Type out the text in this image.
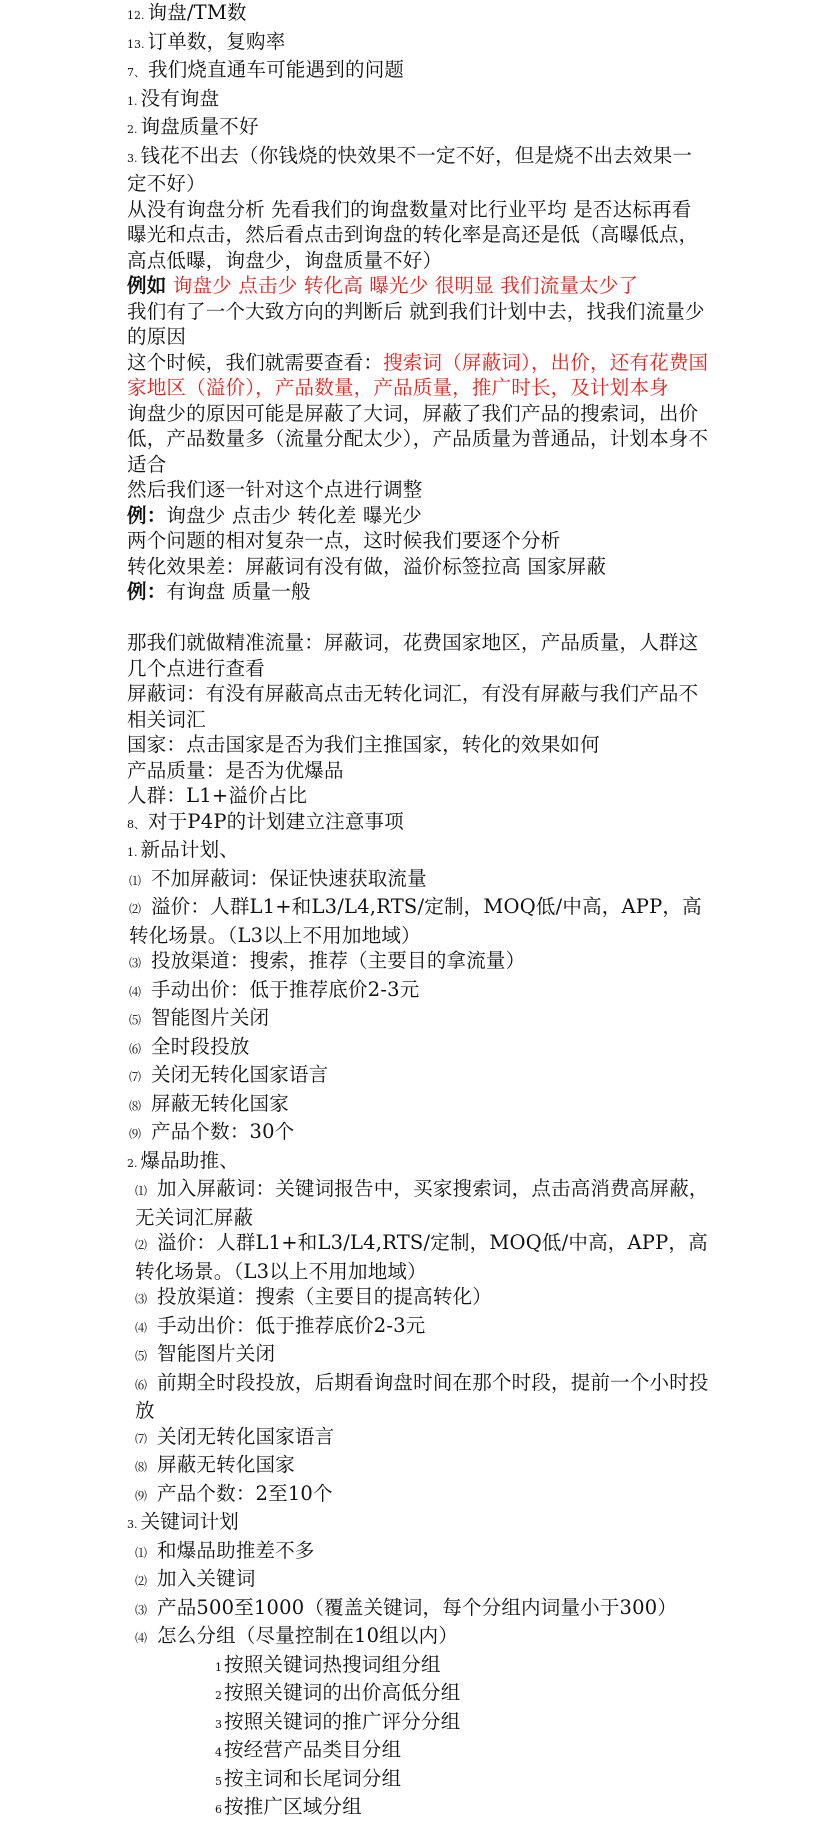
12. 询盘/TM数
13. 订单数，复购率
7、 我们烧直通车可能遇到的问题
1. 没有询盘
2. 询盘质量不好
3. 钱花不出去（你钱烧的快效果不一定不好，但是烧不出去效果一定不好）
从没有询盘分析 先看我们的询盘数量对比行业平均 是否达标再看曝光和点击，然后看点击到询盘的转化率是高还是低（高曝低点，高点低曝，询盘少，询盘质量不好）
例如 询盘少 点击少 转化高 曝光少 很明显 我们流量太少了
我们有了一个大致方向的判断后 就到我们计划中去，找我们流量少的原因
这个时候，我们就需要查看：搜索词（屏蔽词），出价，还有花费国家地区（溢价），产品数量，产品质量，推广时长，及计划本身
询盘少的原因可能是屏蔽了大词，屏蔽了我们产品的搜索词，出价低，产品数量多（流量分配太少），产品质量为普通品，计划本身不适合
然后我们逐一针对这个点进行调整
例：询盘少 点击少 转化差 曝光少
两个问题的相对复杂一点，这时候我们要逐个分析
转化效果差：屏蔽词有没有做，溢价标签拉高 国家屏蔽
例：有询盘 质量一般
那我们就做精准流量：屏蔽词，花费国家地区，产品质量，人群这几个点进行查看
屏蔽词：有没有屏蔽高点击无转化词汇，有没有屏蔽与我们产品不相关词汇
国家：点击国家是否为我们主推国家，转化的效果如何
产品质量：是否为优爆品
人群：L1+溢价占比
8、 对于P4P的计划建立注意事项
1. 新品计划、
⑴ 不加屏蔽词：保证快速获取流量
⑵ 溢价：人群L1+和L3/L4,RTS/定制，MOQ低/中高，APP，高转化场景。（L3以上不用加地域）
⑶ 投放渠道：搜索，推荐（主要目的拿流量）
⑷ 手动出价：低于推荐底价2-3元
⑸ 智能图片关闭
⑹ 全时段投放
⑺ 关闭无转化国家语言
⑻ 屏蔽无转化国家
⑼ 产品个数：30个
2. 爆品助推、
⑴ 加入屏蔽词：关键词报告中，买家搜索词，点击高消费高屏蔽，无关词汇屏蔽
⑵ 溢价：人群L1+和L3/L4,RTS/定制，MOQ低/中高，APP，高转化场景。（L3以上不用加地域）
⑶ 投放渠道：搜索（主要目的提高转化）
⑷ 手动出价：低于推荐底价2-3元
⑸ 智能图片关闭
⑹ 前期全时段投放，后期看询盘时间在那个时段，提前一个小时投放
⑺ 关闭无转化国家语言
⑻ 屏蔽无转化国家
⑼ 产品个数：2至10个
3. 关键词计划
⑴ 和爆品助推差不多
⑵ 加入关键词
⑶ 产品500至1000（覆盖关键词，每个分组内词量小于300）
⑷ 怎么分组（尽量控制在10组以内）
1 按照关键词热搜词组分组
2 按照关键词的出价高低分组
3 按照关键词的推广评分分组
4 按经营产品类目分组
5 按主词和长尾词分组
6 按推广区域分组
